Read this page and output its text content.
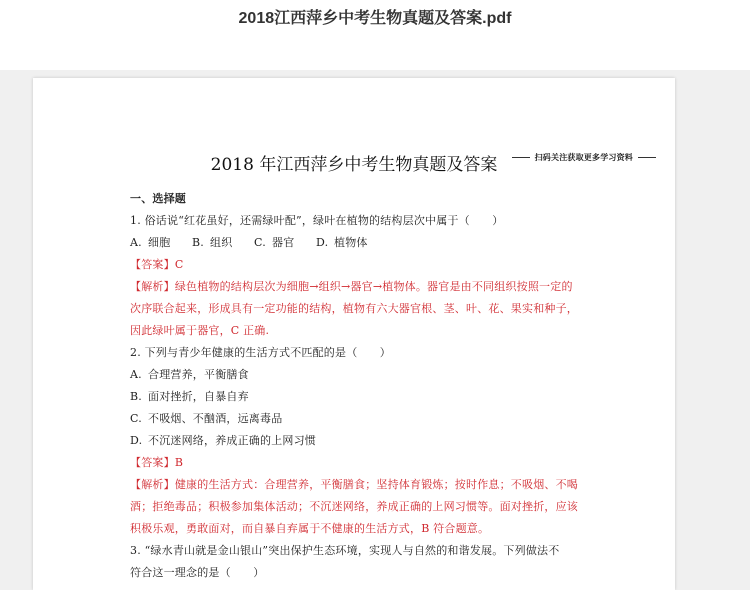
2018江西萍乡中考生物真题及答案.pdf
扫码关注获取更多学习资料
2018 年江西萍乡中考生物真题及答案
一、选择题
1. 俗话说“红花虽好，还需绿叶配”，绿叶在植物的结构层次中属于（　　）
A. 细胞 B. 组织 C. 器官 D. 植物体
【答案】C
【解析】绿色植物的结构层次为细胞→组织→器官→植物体。器官是由不同组织按照一定的
次序联合起来，形成具有一定功能的结构，植物有六大器官根、茎、叶、花、果实和种子，
因此绿叶属于器官，C 正确.
2. 下列与青少年健康的生活方式不匹配的是（　　）
A. 合理营养，平衡膳食
B. 面对挫折，自暴自弃
C. 不吸烟、不酗酒，远离毒品
D. 不沉迷网络，养成正确的上网习惯
【答案】B
【解析】健康的生活方式：合理营养，平衡膳食；坚持体育锻炼；按时作息；不吸烟、不喝
酒；拒绝毒品；积极参加集体活动；不沉迷网络，养成正确的上网习惯等。面对挫折，应该
积极乐观，勇敢面对，而自暴自弃属于不健康的生活方式，B 符合题意。
3. “绿水青山就是金山银山”突出保护生态环境，实现人与自然的和谐发展。下列做法不
符合这一理念的是（　　）
